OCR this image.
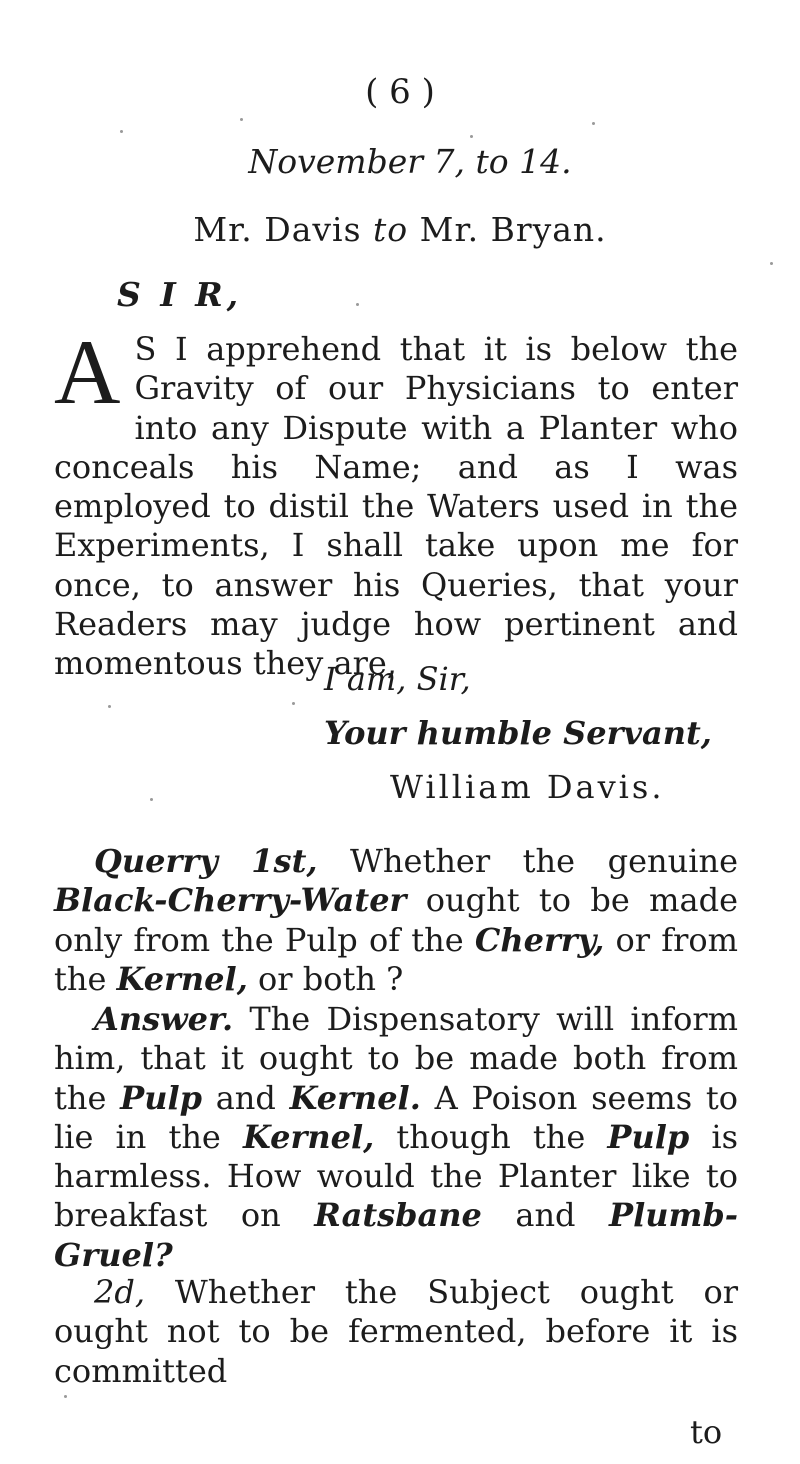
( 6 )
November 7, to 14.
Mr. Davis to Mr. Bryan.
S I R,
A S I apprehend that it is below the Gravity of our Physicians to enter into any Dispute with a Planter who conceals his Name; and as I was employed to distil the Waters used in the Experiments, I shall take upon me for once, to answer his Queries, that your Readers may judge how pertinent and momentous they are,
I am, Sir,
Your humble Servant,
William Davis.
Querry 1st, Whether the genuine Black-Cherry-Water ought to be made only from the Pulp of the Cherry, or from the Kernel, or both ?
Answer. The Dispensatory will inform him, that it ought to be made both from the Pulp and Kernel. A Poison seems to lie in the Kernel, though the Pulp is harmless. How would the Planter like to breakfast on Ratsbane and Plumb-Gruel?
2d, Whether the Subject ought or ought not to be fermented, before it is committed
to
